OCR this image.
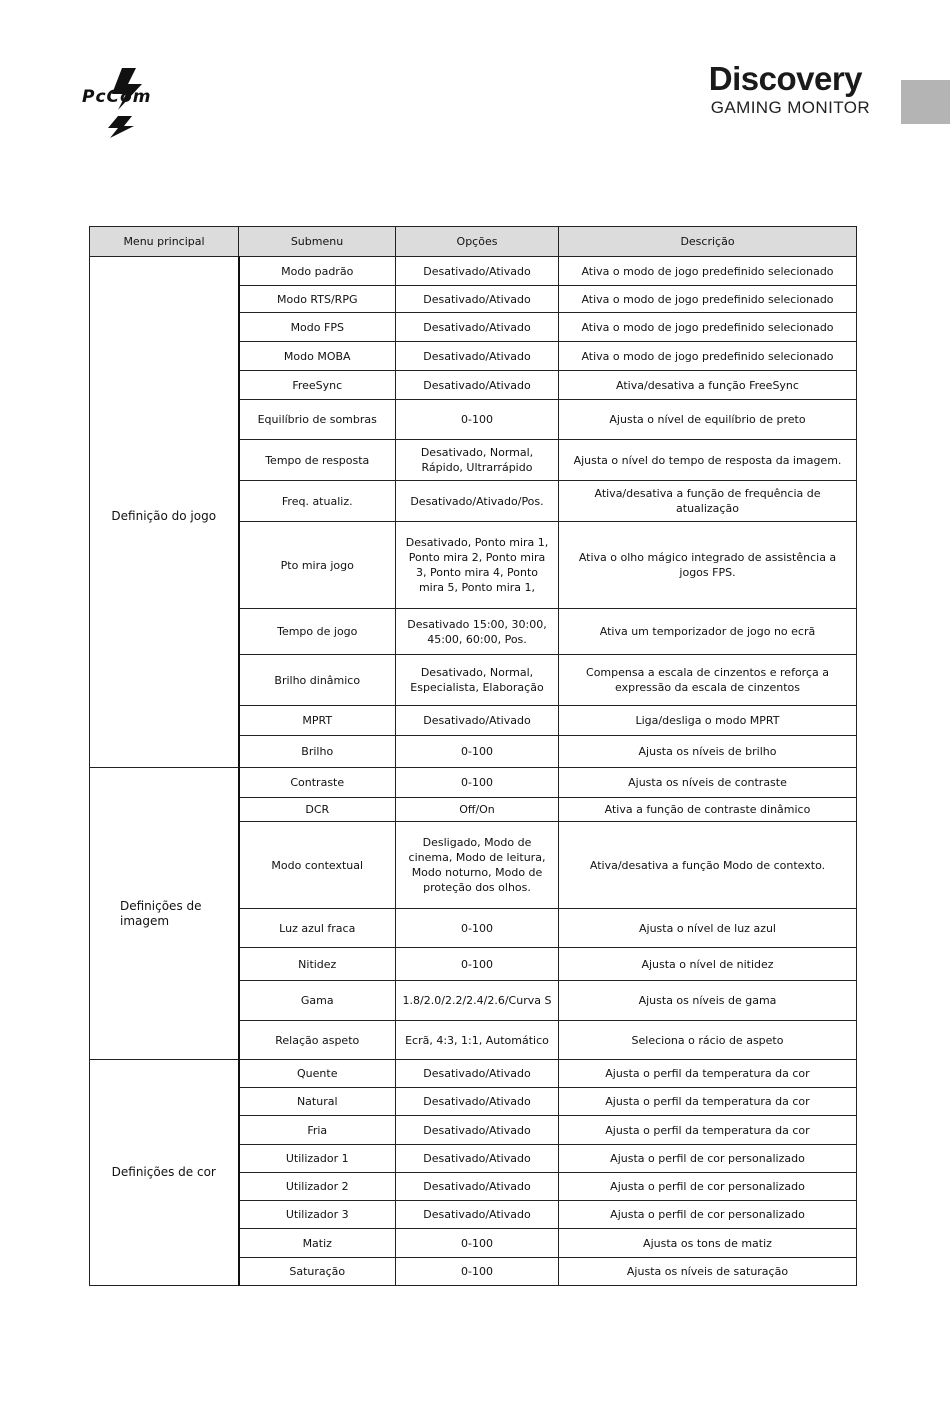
PcCom	Discovery
GAMING MONITOR
Menu principal	Submenu	Opções	Descrição
Definição do jogo	Modo padrão	Desativado/Ativado	Ativa o modo de jogo predefinido selecionado
	Modo RTS/RPG	Desativado/Ativado	Ativa o modo de jogo predefinido selecionado
	Modo FPS	Desativado/Ativado	Ativa o modo de jogo predefinido selecionado
	Modo MOBA	Desativado/Ativado	Ativa o modo de jogo predefinido selecionado
	FreeSync	Desativado/Ativado	Ativa/desativa a função FreeSync
	Equilíbrio de sombras	0-100	Ajusta o nível de equilíbrio de preto
	Tempo de resposta	Desativado, Normal, Rápido, Ultrarrápido	Ajusta o nível do tempo de resposta da imagem.
	Freq. atualiz.	Desativado/Ativado/Pos.	Ativa/desativa a função de frequência de atualização
	Pto mira jogo	Desativado, Ponto mira 1, Ponto mira 2, Ponto mira 3, Ponto mira 4, Ponto mira 5, Ponto mira 1,	Ativa o olho mágico integrado de assistência a jogos FPS.
	Tempo de jogo	Desativado 15:00, 30:00, 45:00, 60:00, Pos.	Ativa um temporizador de jogo no ecrã
	Brilho dinâmico	Desativado, Normal, Especialista, Elaboração	Compensa a escala de cinzentos e reforça a expressão da escala de cinzentos
	MPRT	Desativado/Ativado	Liga/desliga o modo MPRT
	Brilho	0-100	Ajusta os níveis de brilho
Definições de imagem	Contraste	0-100	Ajusta os níveis de contraste
	DCR	Off/On	Ativa a função de contraste dinâmico
	Modo contextual	Desligado, Modo de cinema, Modo de leitura, Modo noturno, Modo de proteção dos olhos.	Ativa/desativa a função Modo de contexto.
	Luz azul fraca	0-100	Ajusta o nível de luz azul
	Nitidez	0-100	Ajusta o nível de nitidez
	Gama	1.8/2.0/2.2/2.4/2.6/Curva S	Ajusta os níveis de gama
	Relação aspeto	Ecrã, 4:3, 1:1, Automático	Seleciona o rácio de aspeto
Definições de cor	Quente	Desativado/Ativado	Ajusta o perfil da temperatura da cor
	Natural	Desativado/Ativado	Ajusta o perfil da temperatura da cor
	Fria	Desativado/Ativado	Ajusta o perfil da temperatura da cor
	Utilizador 1	Desativado/Ativado	Ajusta o perfil de cor personalizado
	Utilizador 2	Desativado/Ativado	Ajusta o perfil de cor personalizado
	Utilizador 3	Desativado/Ativado	Ajusta o perfil de cor personalizado
	Matiz	0-100	Ajusta os tons de matiz
	Saturação	0-100	Ajusta os níveis de saturação
